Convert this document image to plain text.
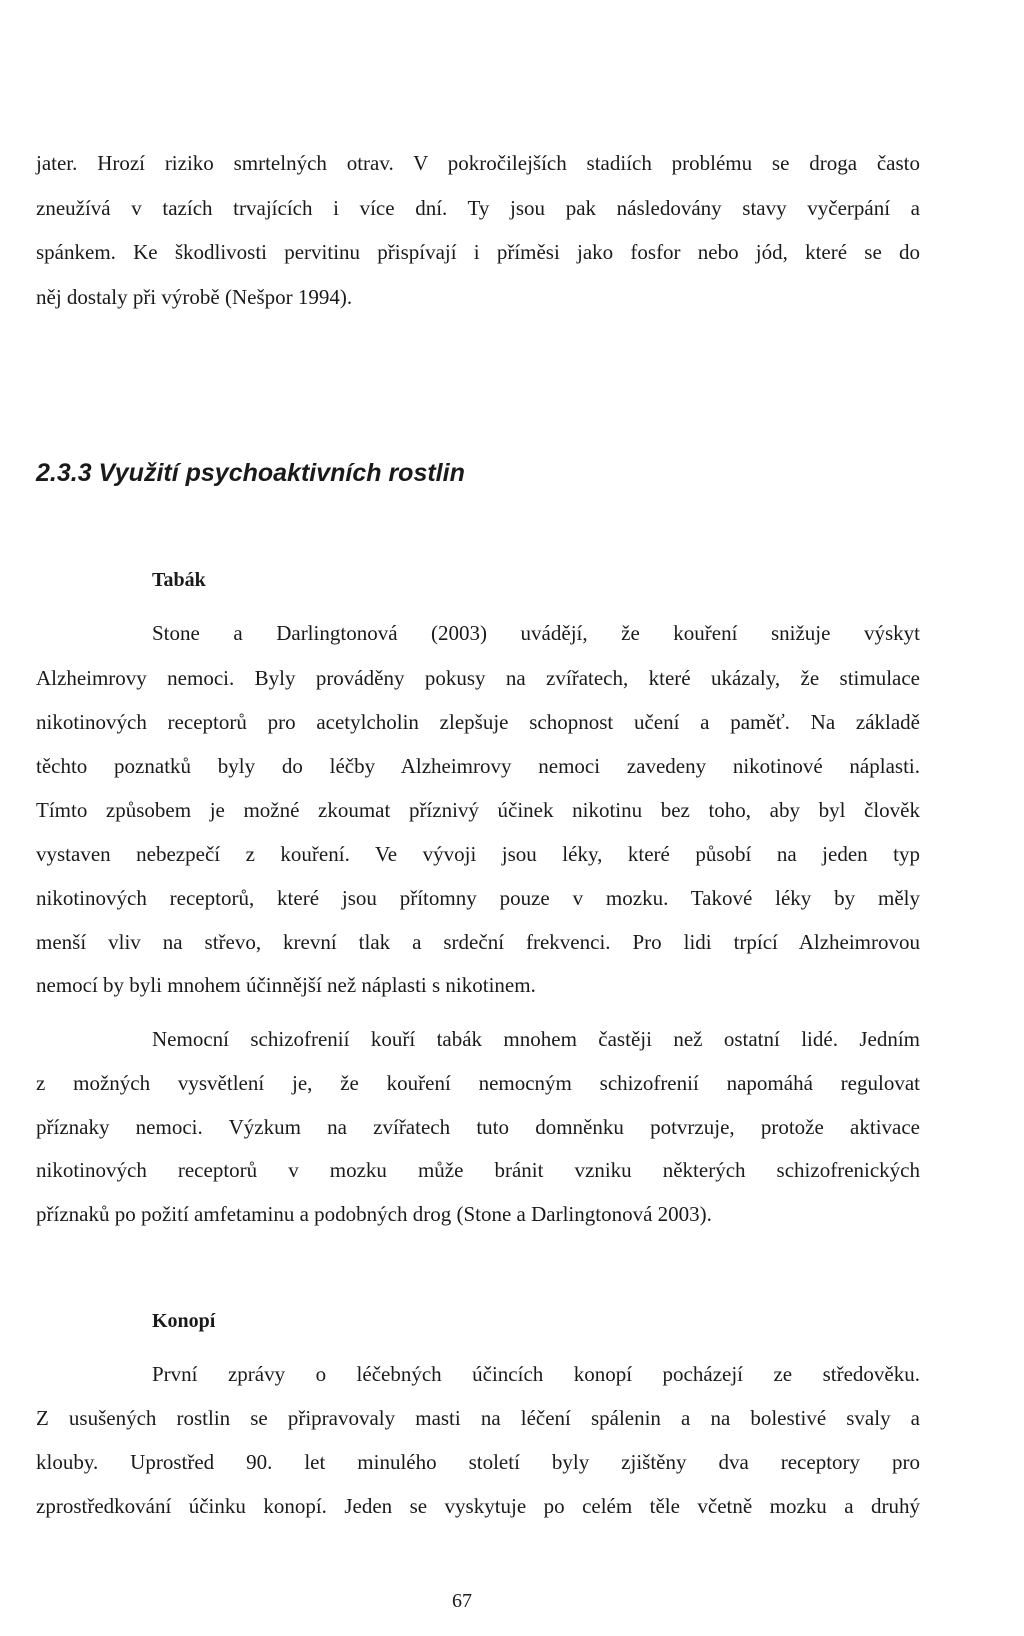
jater. Hrozí riziko smrtelných otrav. V pokročilejších stadiích problému se droga často

zneužívá v tazích trvajících i více dní. Ty jsou pak následovány stavy vyčerpání a

spánkem. Ke škodlivosti pervitinu přispívají i příměsi jako fosfor nebo jód, které se do

něj dostaly při výrobě (Nešpor 1994).

2.3.3 Využití psychoaktivních rostlin
Tabák

Stone a Darlingtonová (2003) uvádějí, že kouření snižuje výskyt

Alzheimrovy nemoci. Byly prováděny pokusy na zvířatech, které ukázaly, že stimulace

nikotinových receptorů pro acetylcholin zlepšuje schopnost učení a paměť. Na základě

těchto poznatků byly do léčby Alzheimrovy nemoci zavedeny nikotinové náplasti.

Tímto způsobem je možné zkoumat příznivý účinek nikotinu bez toho, aby byl člověk

vystaven nebezpečí z kouření. Ve vývoji jsou léky, které působí na jeden typ

nikotinových receptorů, které jsou přítomny pouze v mozku. Takové léky by měly

menší vliv na střevo, krevní tlak a srdeční frekvenci. Pro lidi trpící Alzheimrovou

nemocí by byli mnohem účinnější než náplasti s nikotinem.

Nemocní schizofrenií kouří tabák mnohem častěji než ostatní lidé. Jedním

z možných vysvětlení je, že kouření nemocným schizofrenií napomáhá regulovat

příznaky nemoci. Výzkum na zvířatech tuto domněnku potvrzuje, protože aktivace

nikotinových receptorů v mozku může bránit vzniku některých schizofrenických

příznaků po požití amfetaminu a podobných drog (Stone a Darlingtonová 2003).

Konopí

První zprávy o léčebných účincích konopí pocházejí ze středověku.

Z usušených rostlin se připravovaly masti na léčení spálenin a na bolestivé svaly a

klouby. Uprostřed 90. let minulého století byly zjištěny dva receptory pro

zprostředkování účinku konopí. Jeden se vyskytuje po celém těle včetně mozku a druhý

67
